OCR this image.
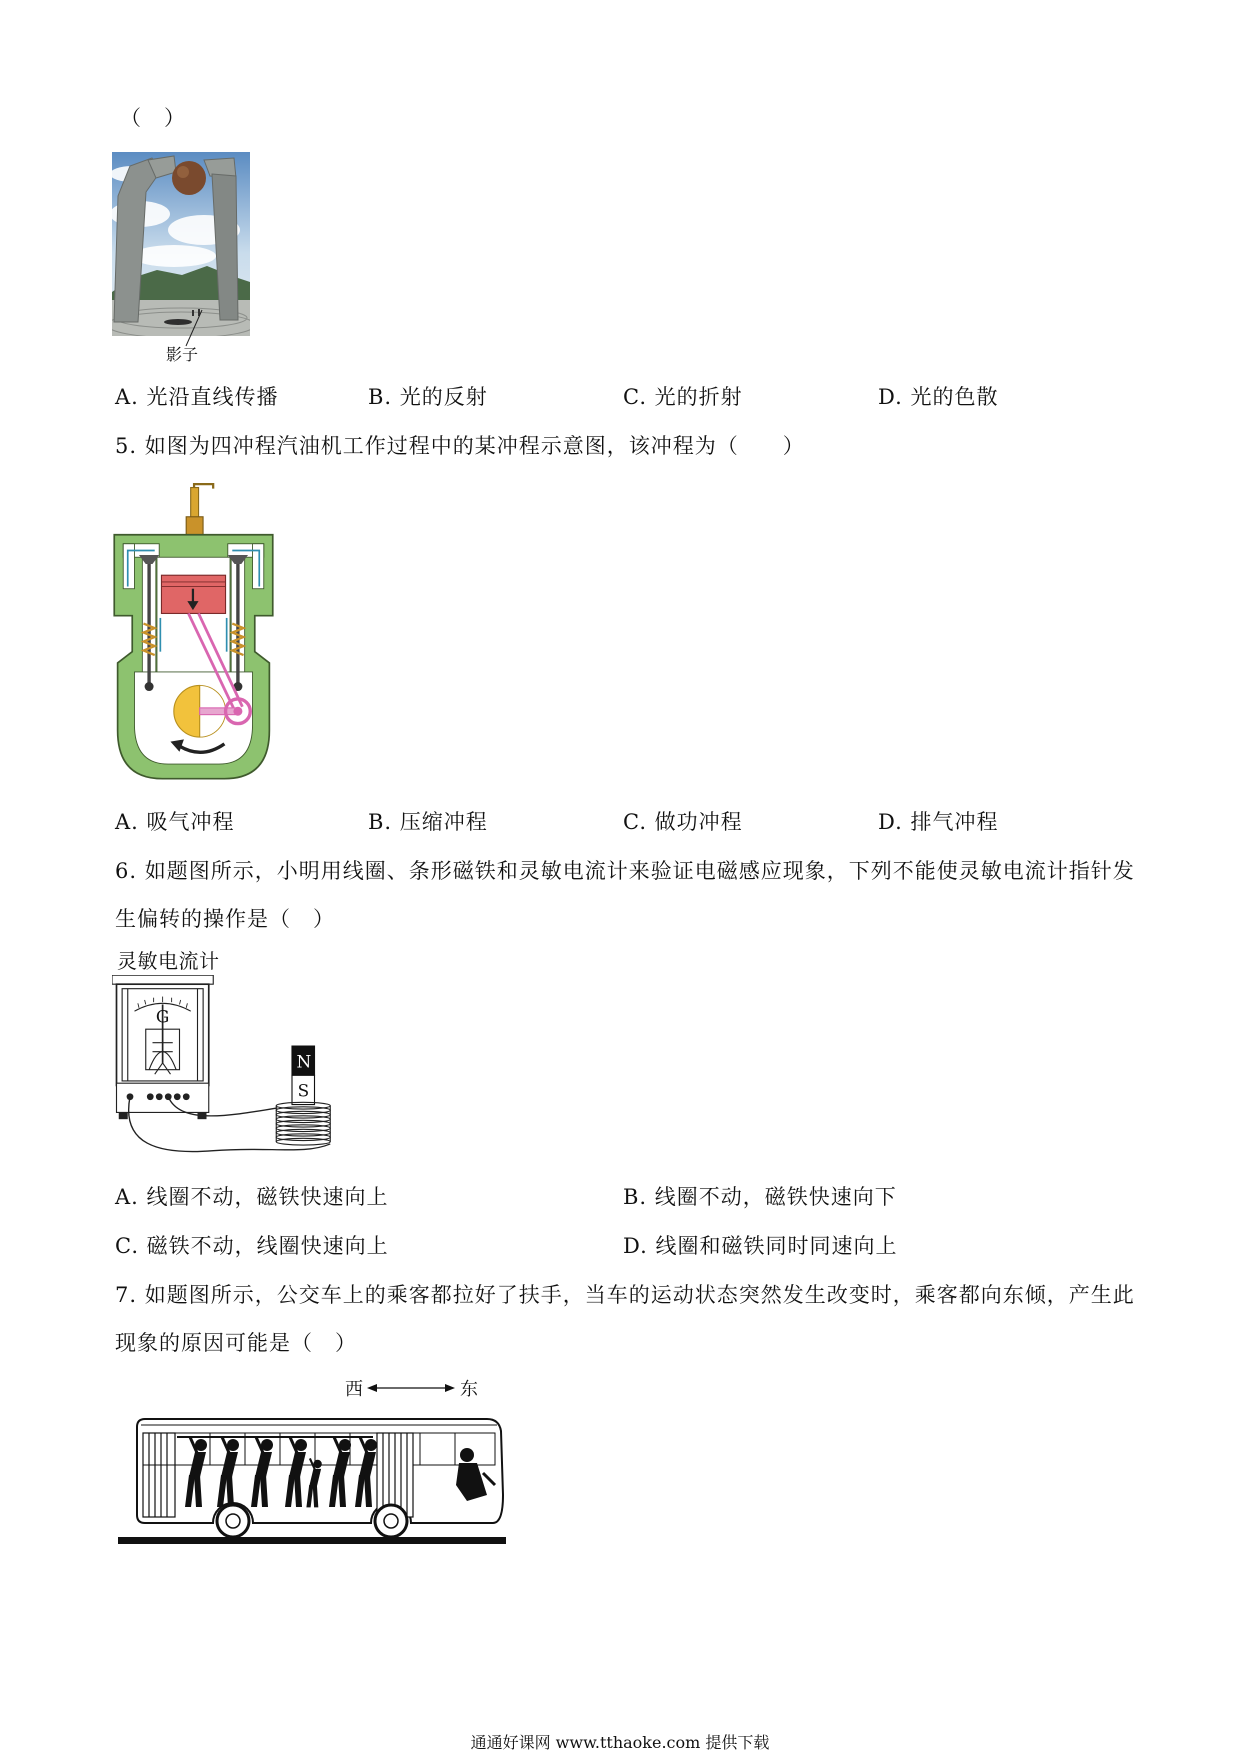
（　）
影子
A. 光沿直线传播	B. 光的反射	C. 光的折射	D. 光的色散
5. 如图为四冲程汽油机工作过程中的某冲程示意图，该冲程为（　　）
A. 吸气冲程	B. 压缩冲程	C. 做功冲程	D. 排气冲程
6. 如题图所示，小明用线圈、条形磁铁和灵敏电流计来验证电磁感应现象，下列不能使灵敏电流计指针发
生偏转的操作是（　）
灵敏电流计
G
N
S
A. 线圈不动，磁铁快速向上	B. 线圈不动，磁铁快速向下
C. 磁铁不动，线圈快速向上	D. 线圈和磁铁同时同速向上
7. 如题图所示，公交车上的乘客都拉好了扶手，当车的运动状态突然发生改变时，乘客都向东倾，产生此
现象的原因可能是（　）
西	东
通通好课网 www.tthaoke.com 提供下载
